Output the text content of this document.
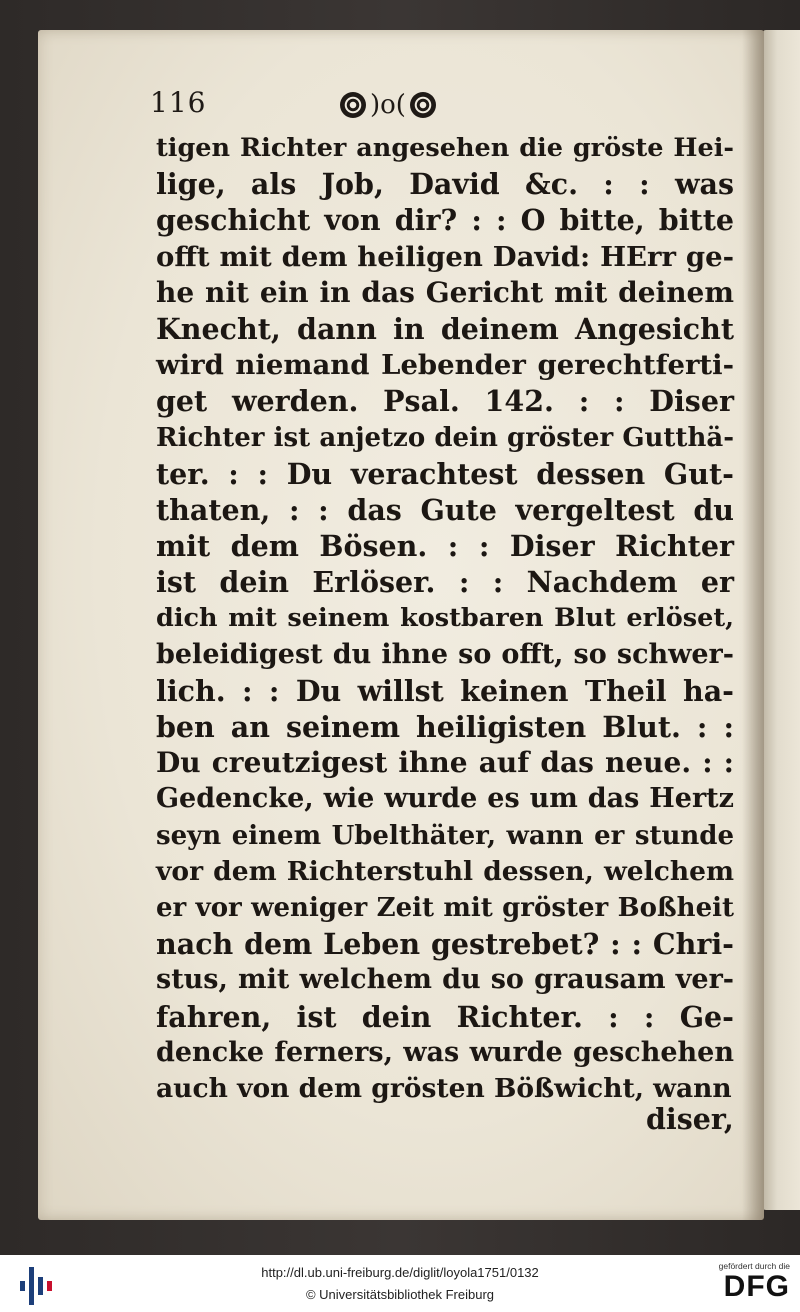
116	)o(
tigen Richter angesehen die gröste Hei-
lige, als Job, David &c. : : was
geschicht von dir? : : O bitte, bitte
offt mit dem heiligen David: HErr ge-
he nit ein in das Gericht mit deinem
Knecht, dann in deinem Angesicht
wird niemand Lebender gerechtferti-
get werden. Psal. 142. : : Diser
Richter ist anjetzo dein gröster Gutthä-
ter. : : Du verachtest dessen Gut-
thaten, : : das Gute vergeltest du
mit dem Bösen. : : Diser Richter
ist dein Erlöser. : : Nachdem er
dich mit seinem kostbaren Blut erlöset,
beleidigest du ihne so offt, so schwer-
lich. : : Du willst keinen Theil ha-
ben an seinem heiligisten Blut. : :
Du creutzigest ihne auf das neue. : :
Gedencke, wie wurde es um das Hertz
seyn einem Ubelthäter, wann er stunde
vor dem Richterstuhl dessen, welchem
er vor weniger Zeit mit gröster Boßheit
nach dem Leben gestrebet? : : Chri-
stus, mit welchem du so grausam ver-
fahren, ist dein Richter. : : Ge-
dencke ferners, was wurde geschehen
auch von dem grösten Bößwicht, wann
diser,
http://dl.ub.uni-freiburg.de/diglit/loyola1751/0132
© Universitätsbibliothek Freiburg
gefördert durch die
DFG
